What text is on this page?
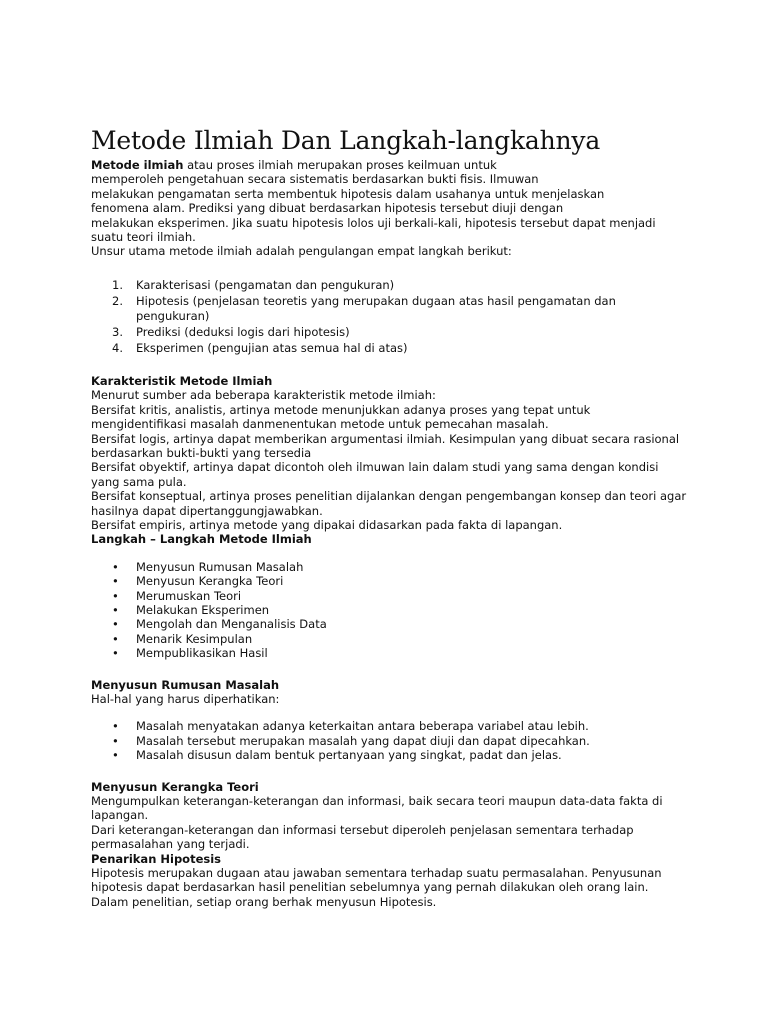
Metode Ilmiah Dan Langkah-langkahnya

Metode ilmiah atau proses ilmiah merupakan proses keilmuan untuk
memperoleh pengetahuan secara sistematis berdasarkan bukti fisis. Ilmuwan
melakukan pengamatan serta membentuk hipotesis dalam usahanya untuk menjelaskan
fenomena alam. Prediksi yang dibuat berdasarkan hipotesis tersebut diuji dengan
melakukan eksperimen. Jika suatu hipotesis lolos uji berkali-kali, hipotesis tersebut dapat menjadi
suatu teori ilmiah.
Unsur utama metode ilmiah adalah pengulangan empat langkah berikut:

1. Karakterisasi (pengamatan dan pengukuran)
2. Hipotesis (penjelasan teoretis yang merupakan dugaan atas hasil pengamatan dan
pengukuran)
3. Prediksi (deduksi logis dari hipotesis)
4. Eksperimen (pengujian atas semua hal di atas)

Karakteristik Metode Ilmiah
Menurut sumber ada beberapa karakteristik metode ilmiah:
Bersifat kritis, analistis, artinya metode menunjukkan adanya proses yang tepat untuk
mengidentifikasi masalah danmenentukan metode untuk pemecahan masalah.
Bersifat logis, artinya dapat memberikan argumentasi ilmiah. Kesimpulan yang dibuat secara rasional
berdasarkan bukti-bukti yang tersedia
Bersifat obyektif, artinya dapat dicontoh oleh ilmuwan lain dalam studi yang sama dengan kondisi
yang sama pula.
Bersifat konseptual, artinya proses penelitian dijalankan dengan pengembangan konsep dan teori agar
hasilnya dapat dipertanggungjawabkan.
Bersifat empiris, artinya metode yang dipakai didasarkan pada fakta di lapangan.
Langkah – Langkah Metode Ilmiah

• Menyusun Rumusan Masalah
• Menyusun Kerangka Teori
• Merumuskan Teori
• Melakukan Eksperimen
• Mengolah dan Menganalisis Data
• Menarik Kesimpulan
• Mempublikasikan Hasil

Menyusun Rumusan Masalah
Hal-hal yang harus diperhatikan:

• Masalah menyatakan adanya keterkaitan antara beberapa variabel atau lebih.
• Masalah tersebut merupakan masalah yang dapat diuji dan dapat dipecahkan.
• Masalah disusun dalam bentuk pertanyaan yang singkat, padat dan jelas.

Menyusun Kerangka Teori
Mengumpulkan keterangan-keterangan dan informasi, baik secara teori maupun data-data fakta di
lapangan.
Dari keterangan-keterangan dan informasi tersebut diperoleh penjelasan sementara terhadap
permasalahan yang terjadi.
Penarikan Hipotesis
Hipotesis merupakan dugaan atau jawaban sementara terhadap suatu permasalahan. Penyusunan
hipotesis dapat berdasarkan hasil penelitian sebelumnya yang pernah dilakukan oleh orang lain.
Dalam penelitian, setiap orang berhak menyusun Hipotesis.
